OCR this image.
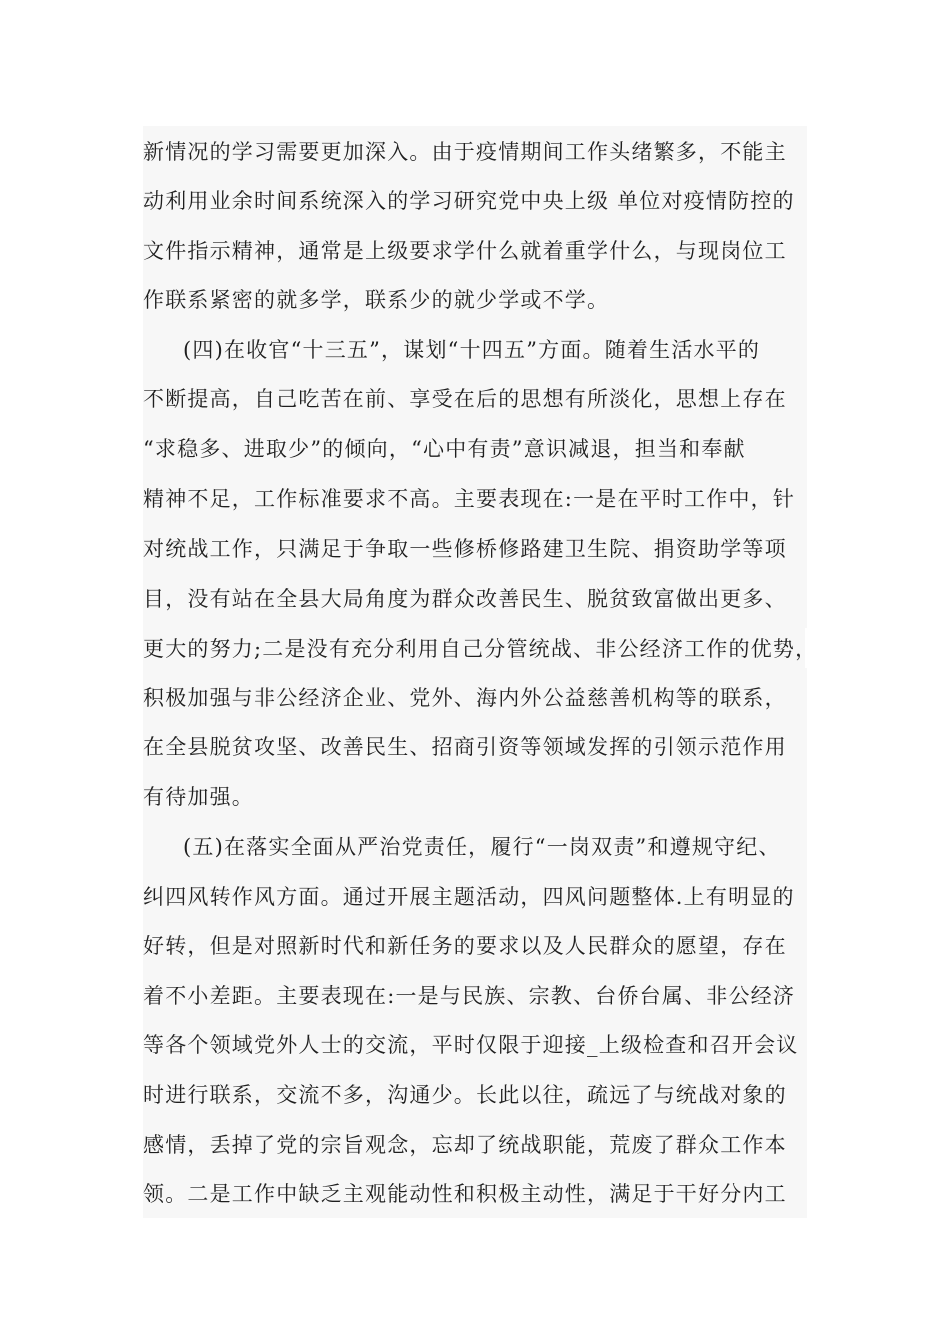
新情况的学习需要更加深入。由于疫情期间工作头绪繁多，不能主
动利用业余时间系统深入的学习研究党中央上级 单位对疫情防控的
文件指示精神，通常是上级要求学什么就着重学什么，与现岗位工
作联系紧密的就多学，联系少的就少学或不学。
(四)在收官“十三五”，谋划“十四五”方面。随着生活水平的
不断提高，自己吃苦在前、享受在后的思想有所淡化，思想上存在
“求稳多、进取少”的倾向，“心中有责”意识减退，担当和奉献
精神不足，工作标准要求不高。主要表现在:一是在平时工作中，针
对统战工作，只满足于争取一些修桥修路建卫生院、捐资助学等项
目，没有站在全县大局角度为群众改善民生、脱贫致富做出更多、
更大的努力;二是没有充分利用自己分管统战、非公经济工作的优势，
积极加强与非公经济企业、党外、海内外公益慈善机构等的联系，
在全县脱贫攻坚、改善民生、招商引资等领域发挥的引领示范作用
有待加强。
(五)在落实全面从严治党责任，履行“一岗双责”和遵规守纪、
纠四风转作风方面。通过开展主题活动，四风问题整体.上有明显的
好转，但是对照新时代和新任务的要求以及人民群众的愿望，存在
着不小差距。主要表现在:一是与民族、宗教、台侨台属、非公经济
等各个领域党外人士的交流，平时仅限于迎接_上级检查和召开会议
时进行联系，交流不多，沟通少。长此以往，疏远了与统战对象的
感情，丢掉了党的宗旨观念，忘却了统战职能，荒废了群众工作本
领。二是工作中缺乏主观能动性和积极主动性，满足于干好分内工
